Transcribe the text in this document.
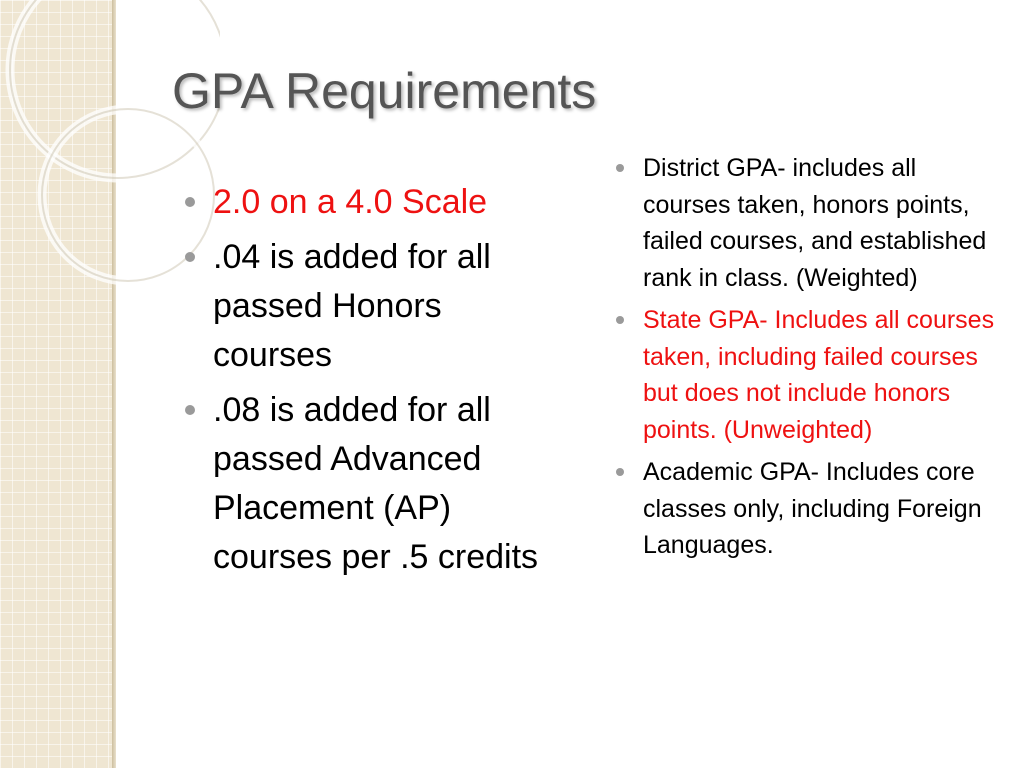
GPA Requirements
2.0 on a 4.0 Scale
.04 is added for all passed Honors courses
.08 is added for all passed Advanced Placement (AP) courses per .5 credits
District GPA- includes all courses taken, honors points, failed courses, and established rank in class. (Weighted)
State GPA- Includes all courses taken, including failed courses but does not include honors points. (Unweighted)
Academic GPA- Includes core classes only, including Foreign Languages.
